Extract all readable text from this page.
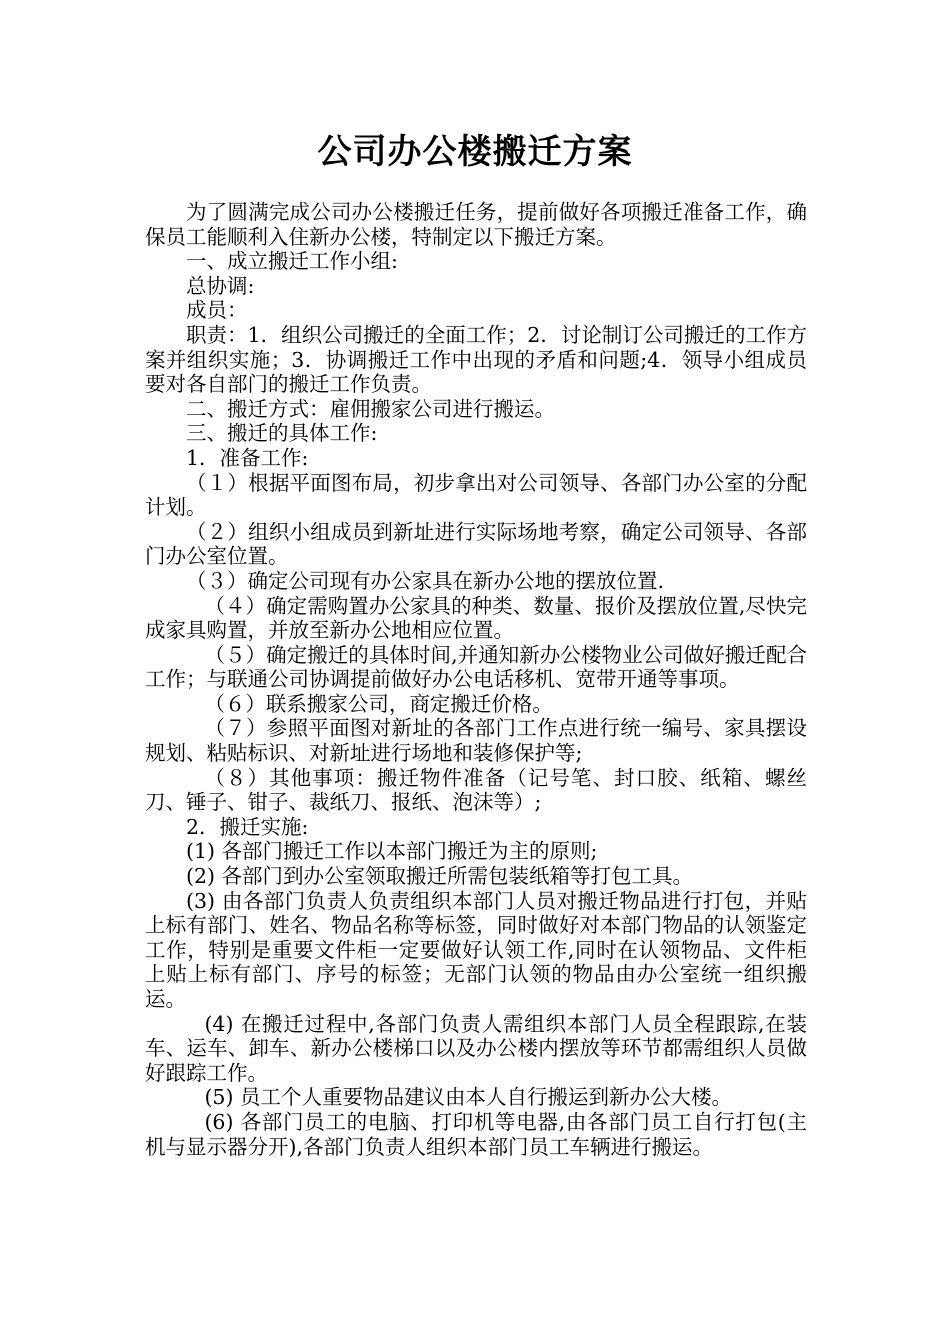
公司办公楼搬迁方案

为了圆满完成公司办公楼搬迁任务，提前做好各项搬迁准备工作，确保员工能顺利入住新办公楼，特制定以下搬迁方案。

一、成立搬迁工作小组:

总协调:

成员：

职责：1．组织公司搬迁的全面工作；2．讨论制订公司搬迁的工作方案并组织实施；3．协调搬迁工作中出现的矛盾和问题;4．领导小组成员要对各自部门的搬迁工作负责。

二、搬迁方式：雇佣搬家公司进行搬运。

三、搬迁的具体工作:

1．准备工作:

（１）根据平面图布局，初步拿出对公司领导、各部门办公室的分配计划。

（２）组织小组成员到新址进行实际场地考察，确定公司领导、各部门办公室位置。

（３）确定公司现有办公家具在新办公地的摆放位置.

（４）确定需购置办公家具的种类、数量、报价及摆放位置,尽快完成家具购置，并放至新办公地相应位置。

（５）确定搬迁的具体时间,并通知新办公楼物业公司做好搬迁配合工作；与联通公司协调提前做好办公电话移机、宽带开通等事项。

（６）联系搬家公司，商定搬迁价格。

（７）参照平面图对新址的各部门工作点进行统一编号、家具摆设规划、粘贴标识、对新址进行场地和装修保护等;

（８）其他事项：搬迁物件准备（记号笔、封口胶、纸箱、螺丝刀、锤子、钳子、裁纸刀、报纸、泡沫等）;

2．搬迁实施:

(1) 各部门搬迁工作以本部门搬迁为主的原则;

(2) 各部门到办公室领取搬迁所需包装纸箱等打包工具。

(3) 由各部门负责人负责组织本部门人员对搬迁物品进行打包，并贴上标有部门、姓名、物品名称等标签，同时做好对本部门物品的认领鉴定工作，特别是重要文件柜一定要做好认领工作,同时在认领物品、文件柜上贴上标有部门、序号的标签；无部门认领的物品由办公室统一组织搬运。

(4) 在搬迁过程中,各部门负责人需组织本部门人员全程跟踪,在装车、运车、卸车、新办公楼梯口以及办公楼内摆放等环节都需组织人员做好跟踪工作。

(5) 员工个人重要物品建议由本人自行搬运到新办公大楼。

(6) 各部门员工的电脑、打印机等电器,由各部门员工自行打包(主机与显示器分开),各部门负责人组织本部门员工车辆进行搬运。
